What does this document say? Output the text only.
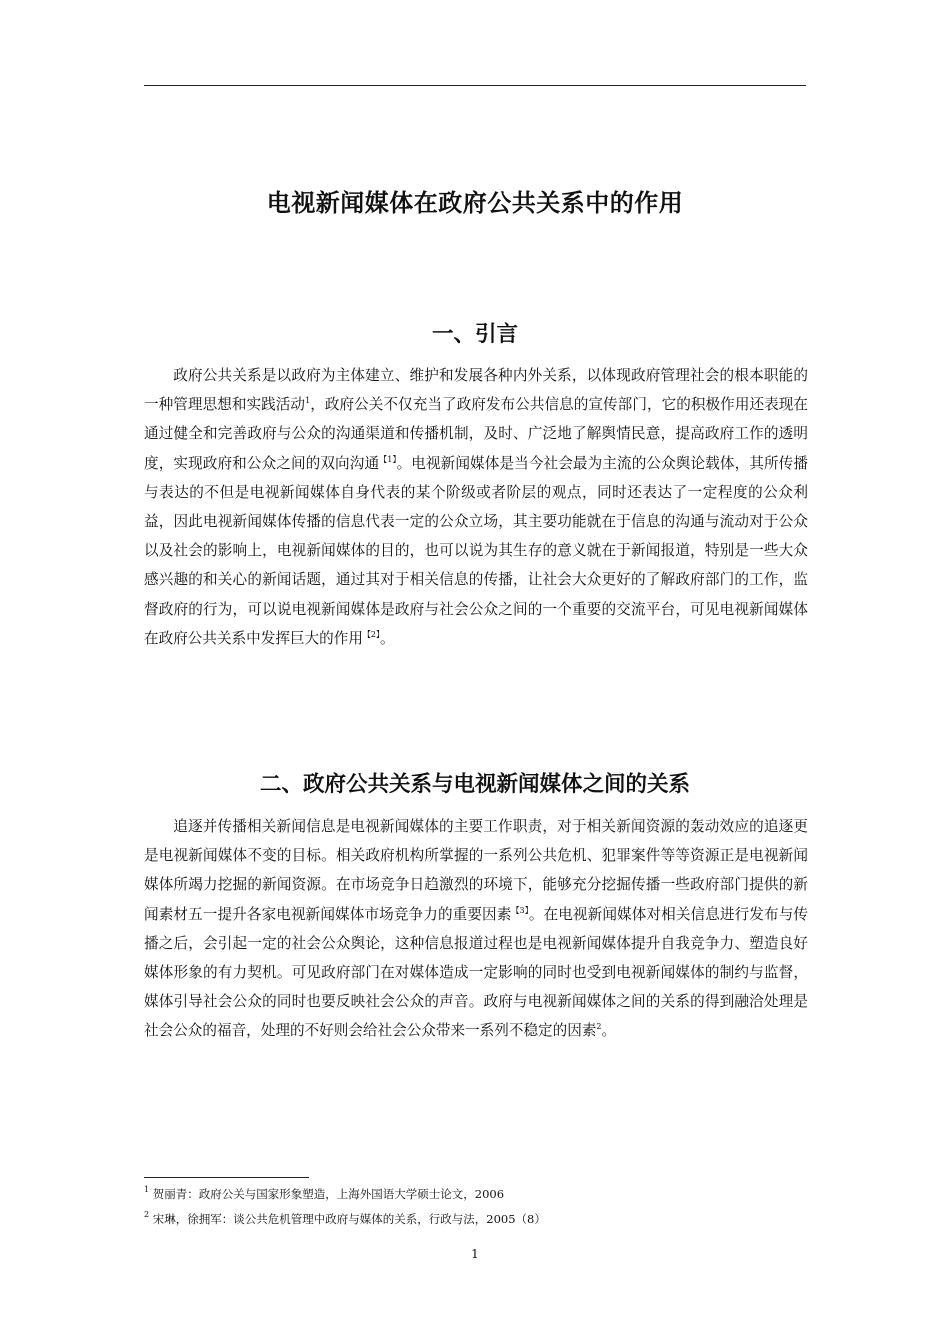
电视新闻媒体在政府公共关系中的作用
一、引言

政府公共关系是以政府为主体建立、维护和发展各种内外关系，以体现政府管理社会的根本职能的一种管理思想和实践活动$^1$，政府公关不仅充当了政府发布公共信息的宣传部门，它的积极作用还表现在通过健全和完善政府与公众的沟通渠道和传播机制，及时、广泛地了解舆情民意，提高政府工作的透明度，实现政府和公众之间的双向沟通$^{【1】}$。电视新闻媒体是当今社会最为主流的公众舆论载体，其所传播与表达的不但是电视新闻媒体自身代表的某个阶级或者阶层的观点，同时还表达了一定程度的公众利益，因此电视新闻媒体传播的信息代表一定的公众立场，其主要功能就在于信息的沟通与流动对于公众以及社会的影响上，电视新闻媒体的目的，也可以说为其生存的意义就在于新闻报道，特别是一些大众感兴趣的和关心的新闻话题，通过其对于相关信息的传播，让社会大众更好的了解政府部门的工作，监督政府的行为，可以说电视新闻媒体是政府与社会公众之间的一个重要的交流平台，可见电视新闻媒体在政府公共关系中发挥巨大的作用$^{【2】}$。

二、政府公共关系与电视新闻媒体之间的关系

追逐并传播相关新闻信息是电视新闻媒体的主要工作职责，对于相关新闻资源的轰动效应的追逐更是电视新闻媒体不变的目标。相关政府机构所掌握的一系列公共危机、犯罪案件等等资源正是电视新闻媒体所竭力挖掘的新闻资源。在市场竞争日趋激烈的环境下，能够充分挖掘传播一些政府部门提供的新闻素材五一提升各家电视新闻媒体市场竞争力的重要因素$^{【3】}$。在电视新闻媒体对相关信息进行发布与传播之后，会引起一定的社会公众舆论，这种信息报道过程也是电视新闻媒体提升自我竞争力、塑造良好媒体形象的有力契机。可见政府部门在对媒体造成一定影响的同时也受到电视新闻媒体的制约与监督，媒体引导社会公众的同时也要反映社会公众的声音。政府与电视新闻媒体之间的关系的得到融洽处理是社会公众的福音，处理的不好则会给社会公众带来一系列不稳定的因素$^2$。

$^1$ 贺丽青：政府公关与国家形象塑造，上海外国语大学硕士论文，2006
$^2$ 宋琳，徐拥军：谈公共危机管理中政府与媒体的关系，行政与法，2005（8）
1
